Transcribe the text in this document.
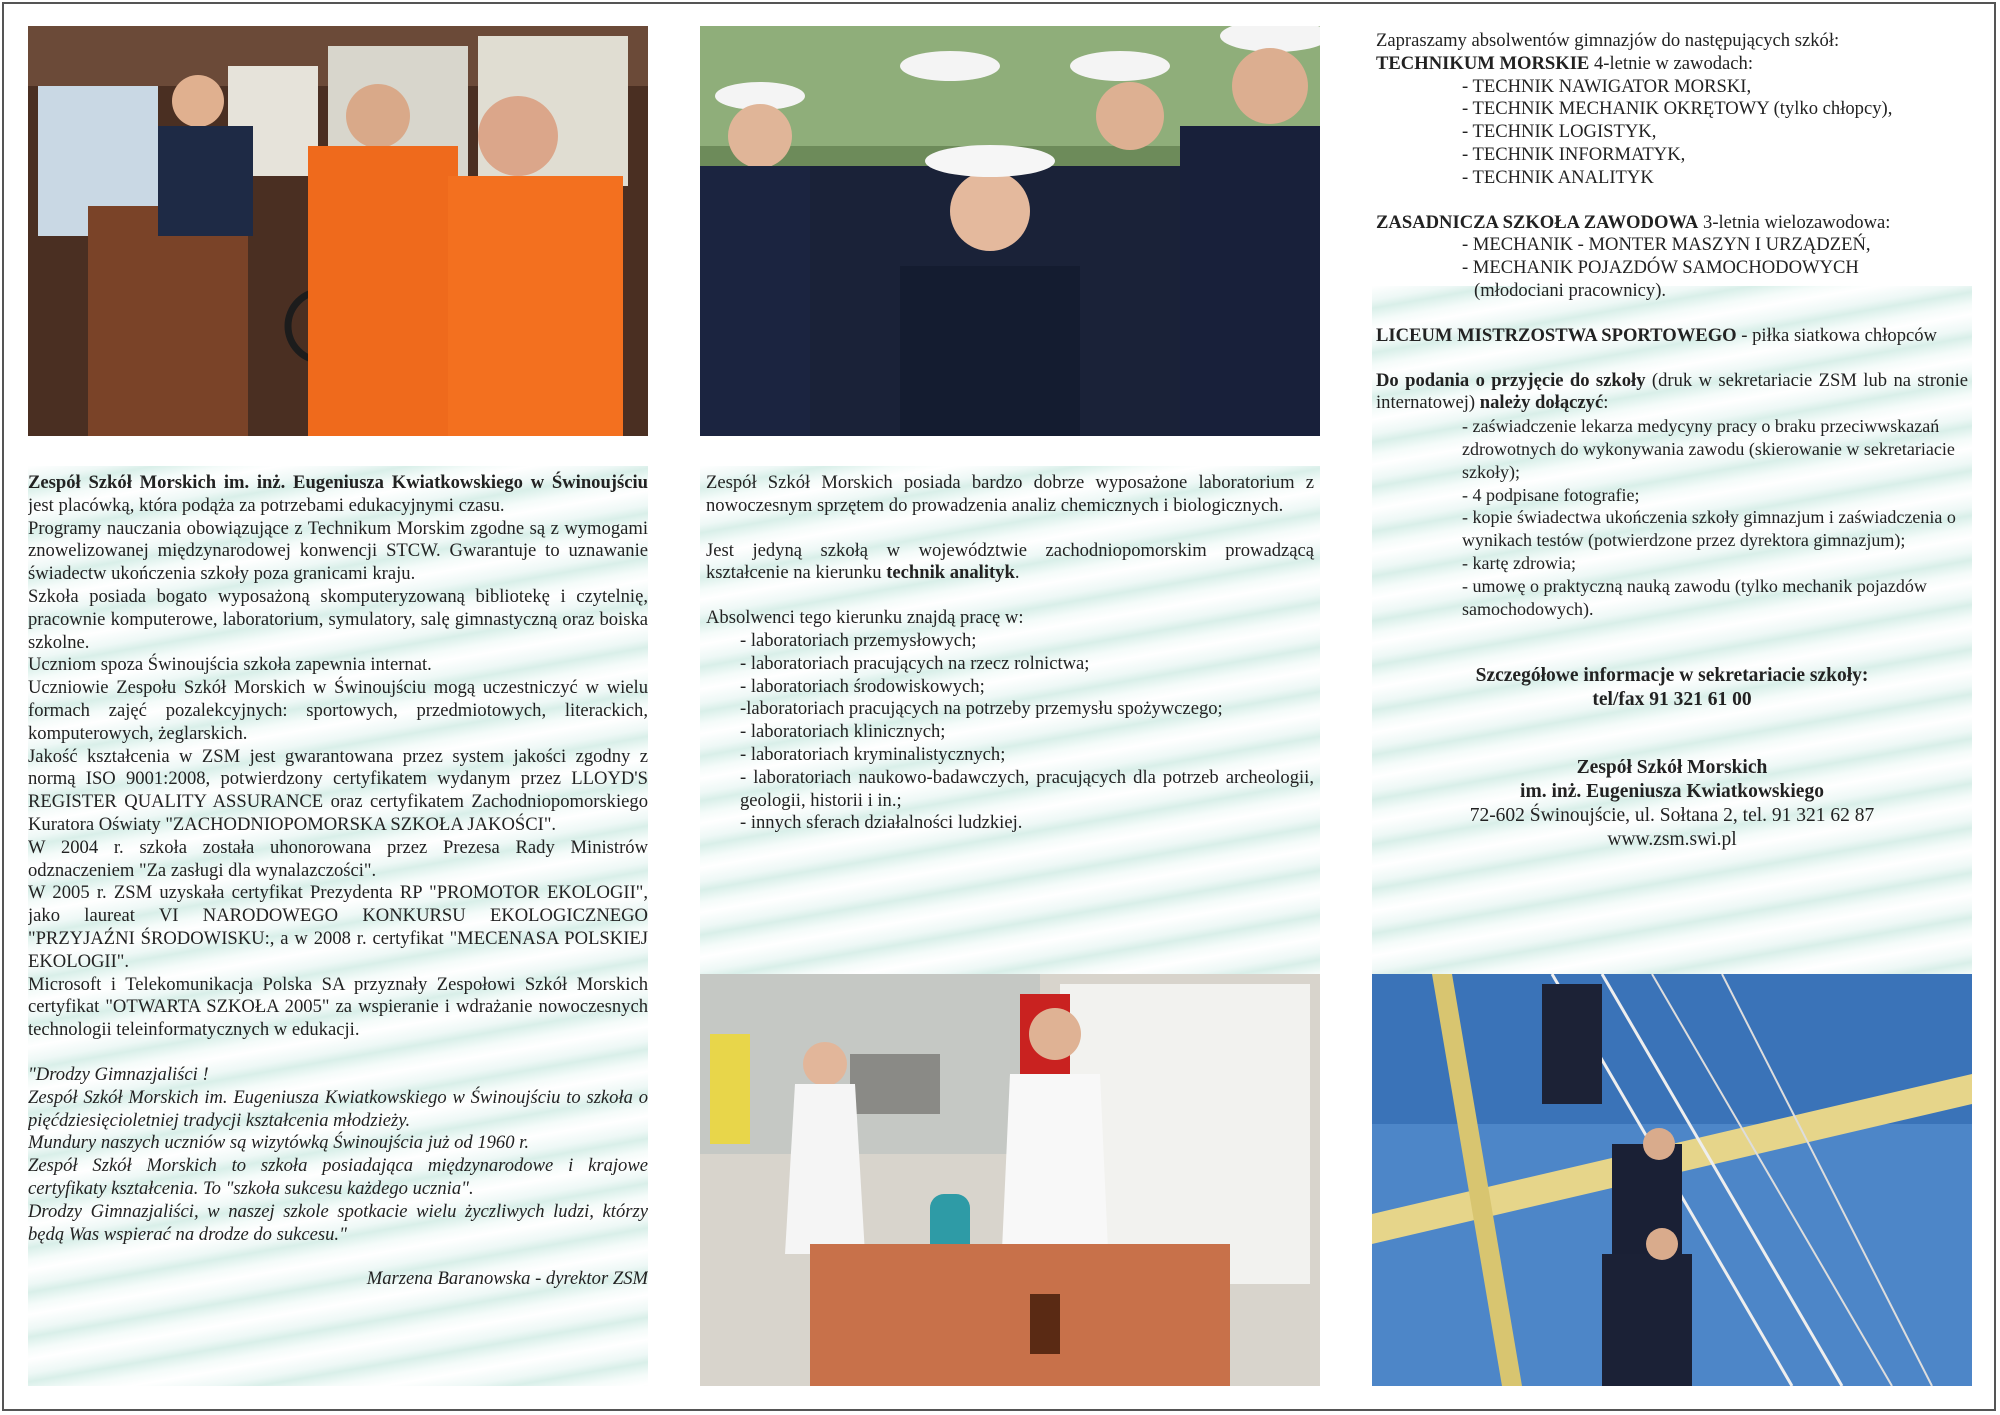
Zespół Szkół Morskich im. inż. Eugeniusza Kwiatkowskiego w Świnoujściu jest placówką, która podąża za potrzebami edukacyjnymi czasu.

Programy nauczania obowiązujące z Technikum Morskim zgodne są z wymogami znowelizowanej międzynarodowej konwencji STCW. Gwarantuje to uznawanie świadectw ukończenia szkoły poza granicami kraju.

Szkoła posiada bogato wyposażoną skomputeryzowaną bibliotekę i czytelnię, pracownie komputerowe, laboratorium, symulatory, salę gimnastyczną oraz boiska szkolne.

Uczniom spoza Świnoujścia szkoła zapewnia internat.

Uczniowie Zespołu Szkół Morskich w Świnoujściu mogą uczestniczyć w wielu formach zajęć pozalekcyjnych: sportowych, przedmiotowych, literackich, komputerowych, żeglarskich.

Jakość kształcenia w ZSM jest gwarantowana przez system jakości zgodny z normą ISO 9001:2008, potwierdzony certyfikatem wydanym przez LLOYD'S REGISTER QUALITY ASSURANCE oraz certyfikatem Zachodniopomorskiego Kuratora Oświaty "ZACHODNIOPOMORSKA SZKOŁA JAKOŚCI".

W 2004 r. szkoła została uhonorowana przez Prezesa Rady Ministrów odznaczeniem "Za zasługi dla wynalazczości".

W 2005 r. ZSM uzyskała certyfikat Prezydenta RP "PROMOTOR EKOLOGII", jako laureat VI NARODOWEGO KONKURSU EKOLOGICZNEGO "PRZYJAŹNI ŚRODOWISKU:, a w 2008 r. certyfikat "MECENASA POLSKIEJ EKOLOGII".

Microsoft i Telekomunikacja Polska SA przyznały Zespołowi Szkół Morskich certyfikat "OTWARTA SZKOŁA 2005" za wspieranie i wdrażanie nowoczesnych technologii teleinformatycznych w edukacji.

"Drodzy Gimnazjaliści !

Zespół Szkół Morskich im. Eugeniusza Kwiatkowskiego w Świnoujściu to szkoła o pięćdziesięcioletniej tradycji kształcenia młodzieży.

Mundury naszych uczniów są wizytówką Świnoujścia już od 1960 r.

Zespół Szkół Morskich to szkoła posiadająca międzynarodowe i krajowe certyfikaty kształcenia. To "szkoła sukcesu każdego ucznia".

Drodzy Gimnazjaliści, w naszej szkole spotkacie wielu życzliwych ludzi, którzy będą Was wspierać na drodze do sukcesu."

Marzena Baranowska - dyrektor ZSM

Zespół Szkół Morskich posiada bardzo dobrze wyposażone laboratorium z nowoczesnym sprzętem do prowadzenia analiz chemicznych i biologicznych.

Jest jedyną szkołą w województwie zachodniopomorskim prowadzącą kształcenie na kierunku technik analityk.

Absolwenci tego kierunku znajdą pracę w:

- laboratoriach przemysłowych;

- laboratoriach pracujących na rzecz rolnictwa;

- laboratoriach środowiskowych;

-laboratoriach pracujących na potrzeby przemysłu spożywczego;

- laboratoriach klinicznych;

- laboratoriach kryminalistycznych;

- laboratoriach naukowo-badawczych, pracujących dla potrzeb archeologii, geologii, historii i in.;

- innych sferach działalności ludzkiej.

Zapraszamy absolwentów gimnazjów do następujących szkół:

TECHNIKUM MORSKIE 4-letnie w zawodach:

- TECHNIK NAWIGATOR MORSKI,

- TECHNIK MECHANIK OKRĘTOWY (tylko chłopcy),

- TECHNIK LOGISTYK,

- TECHNIK INFORMATYK,

- TECHNIK ANALITYK

ZASADNICZA SZKOŁA ZAWODOWA 3-letnia wielozawodowa:

- MECHANIK - MONTER MASZYN I URZĄDZEŃ,

- MECHANIK POJAZDÓW SAMOCHODOWYCH

(młodociani pracownicy).

LICEUM MISTRZOSTWA SPORTOWEGO - piłka siatkowa chłopców

Do podania o przyjęcie do szkoły (druk w sekretariacie ZSM lub na stronie internatowej) należy dołączyć:

- zaświadczenie lekarza medycyny pracy o braku przeciwwskazań zdrowotnych do wykonywania zawodu (skierowanie w sekretariacie szkoły);

- 4 podpisane fotografie;

- kopie świadectwa ukończenia szkoły gimnazjum i zaświadczenia o wynikach testów (potwierdzone przez dyrektora gimnazjum);

- kartę zdrowia;

- umowę o praktyczną nauką zawodu (tylko mechanik pojazdów samochodowych).

Szczegółowe informacje w sekretariacie szkoły:

tel/fax 91 321 61 00

Zespół Szkół Morskich

im. inż. Eugeniusza Kwiatkowskiego

72-602 Świnoujście, ul. Sołtana 2, tel. 91 321 62 87

www.zsm.swi.pl
